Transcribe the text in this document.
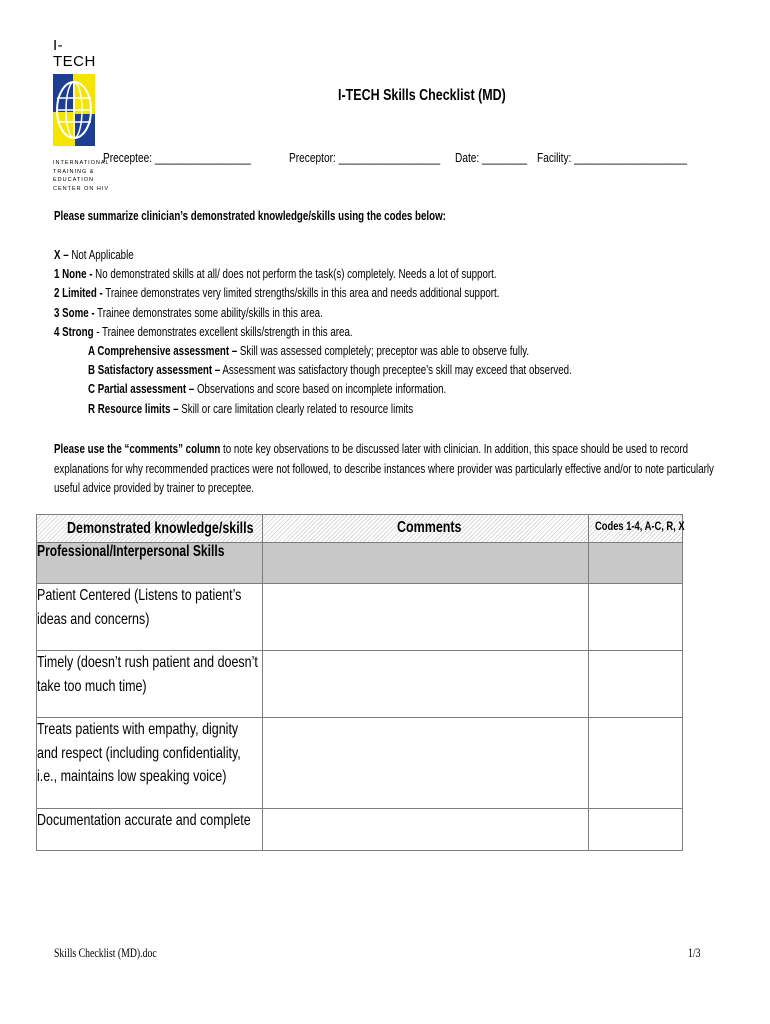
I-TECH
INTERNATIONAL
TRAINING &
EDUCATION
CENTER ON HIV
I-TECH Skills Checklist (MD)
Preceptee: _________________	Preceptor: __________________	Date: ________ Facility: ____________________
Please summarize clinician’s demonstrated knowledge/skills using the codes below:
X – Not Applicable
1 None - No demonstrated skills at all/ does not perform the task(s) completely. Needs a lot of support.
2 Limited - Trainee demonstrates very limited strengths/skills in this area and needs additional support.
3 Some - Trainee demonstrates some ability/skills in this area.
4 Strong - Trainee demonstrates excellent skills/strength in this area.
A Comprehensive assessment – Skill was assessed completely; preceptor was able to observe fully.
B Satisfactory assessment – Assessment was satisfactory though preceptee’s skill may exceed that observed.
C Partial assessment – Observations and score based on incomplete information.
R Resource limits – Skill or care limitation clearly related to resource limits
Please use the “comments” column to note key observations to be discussed later with clinician. In addition, this space should be used to record explanations for why recommended practices were not followed, to describe instances where provider was particularly effective and/or to note particularly useful advice provided by trainer to preceptee.
Demonstrated knowledge/skills	Comments	Codes 1-4, A-C, R, X
Professional/Interpersonal Skills		

Patient Centered (Listens to patient’s ideas and concerns)		

Timely (doesn’t rush patient and doesn’t take too much time)		

Treats patients with empathy, dignity and respect (including confidentiality, i.e., maintains low speaking voice)		

Documentation accurate and complete		

Skills Checklist (MD).doc	1/3
